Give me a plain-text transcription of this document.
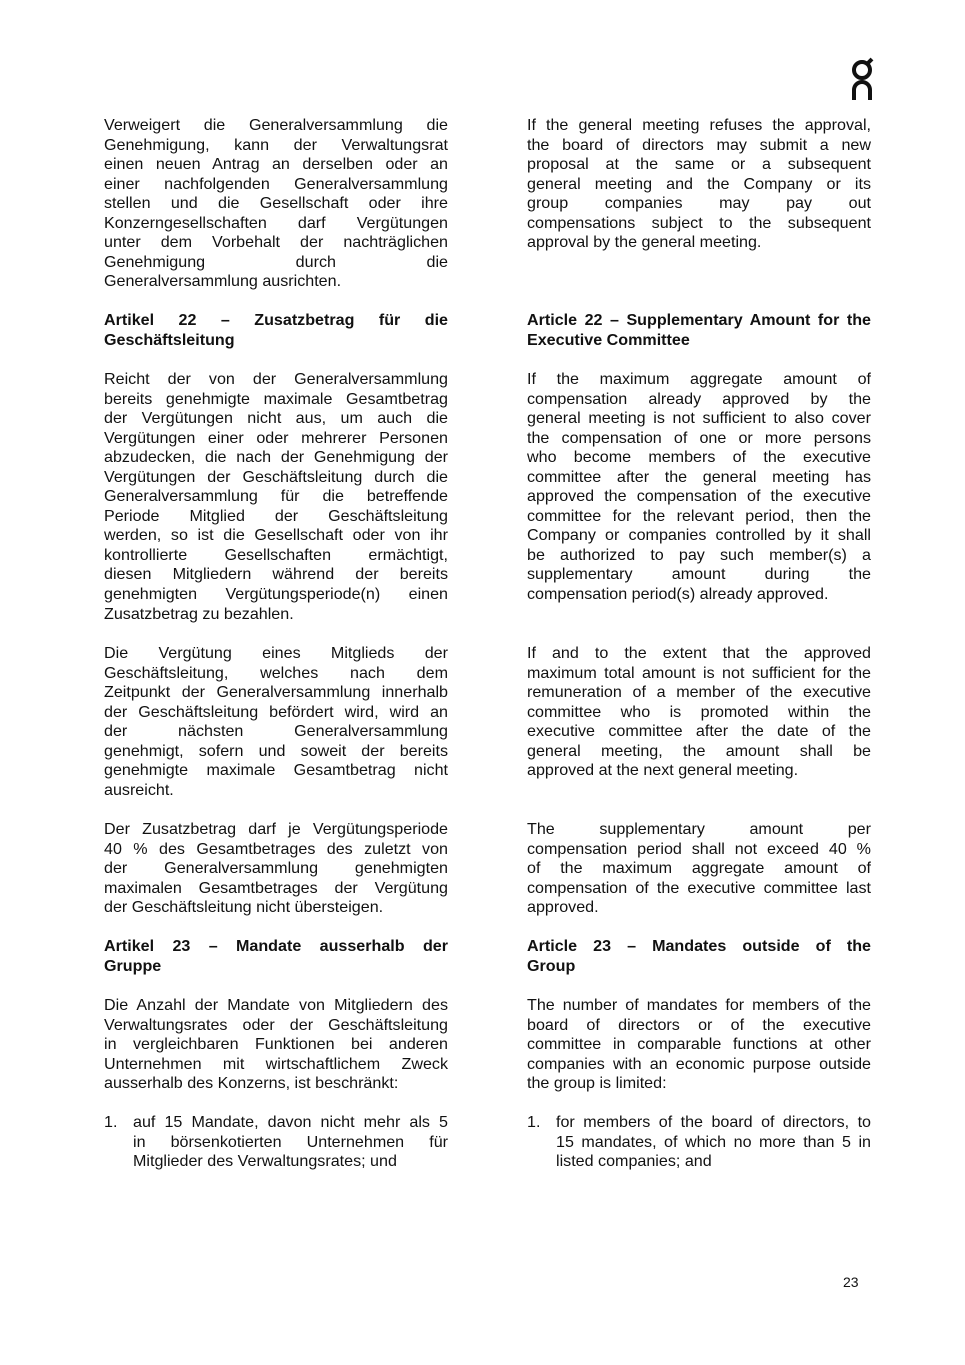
Verweigert die Generalversammlung die
Genehmigung, kann der Verwaltungsrat
einen neuen Antrag an derselben oder an
einer nachfolgenden Generalversammlung
stellen und die Gesellschaft oder ihre
Konzerngesellschaften darf Vergütungen
unter dem Vorbehalt der nachträglichen
Genehmigung durch die
Generalversammlung ausrichten.
Artikel 22 – Zusatzbetrag für die
Geschäftsleitung
Reicht der von der Generalversammlung
bereits genehmigte maximale Gesamtbetrag
der Vergütungen nicht aus, um auch die
Vergütungen einer oder mehrerer Personen
abzudecken, die nach der Genehmigung der
Vergütungen der Geschäftsleitung durch die
Generalversammlung für die betreffende
Periode Mitglied der Geschäftsleitung
werden, so ist die Gesellschaft oder von ihr
kontrollierte Gesellschaften ermächtigt,
diesen Mitgliedern während der bereits
genehmigten Vergütungsperiode(n) einen
Zusatzbetrag zu bezahlen.
Die Vergütung eines Mitglieds der
Geschäftsleitung, welches nach dem
Zeitpunkt der Generalversammlung innerhalb
der Geschäftsleitung befördert wird, wird an
der nächsten Generalversammlung
genehmigt, sofern und soweit der bereits
genehmigte maximale Gesamtbetrag nicht
ausreicht.
Der Zusatzbetrag darf je Vergütungsperiode
40 % des Gesamtbetrages des zuletzt von
der Generalversammlung genehmigten
maximalen Gesamtbetrages der Vergütung
der Geschäftsleitung nicht übersteigen.
Artikel 23 – Mandate ausserhalb der
Gruppe
Die Anzahl der Mandate von Mitgliedern des
Verwaltungsrates oder der Geschäftsleitung
in vergleichbaren Funktionen bei anderen
Unternehmen mit wirtschaftlichem Zweck
ausserhalb des Konzerns, ist beschränkt:
1. auf 15 Mandate, davon nicht mehr als 5
in börsenkotierten Unternehmen für
Mitglieder des Verwaltungsrates; und
If the general meeting refuses the approval,
the board of directors may submit a new
proposal at the same or a subsequent
general meeting and the Company or its
group companies may pay out
compensations subject to the subsequent
approval by the general meeting.
Article 22 – Supplementary Amount for the
Executive Committee
If the maximum aggregate amount of
compensation already approved by the
general meeting is not sufficient to also cover
the compensation of one or more persons
who become members of the executive
committee after the general meeting has
approved the compensation of the executive
committee for the relevant period, then the
Company or companies controlled by it shall
be authorized to pay such member(s) a
supplementary amount during the
compensation period(s) already approved.
If and to the extent that the approved
maximum total amount is not sufficient for the
remuneration of a member of the executive
committee who is promoted within the
executive committee after the date of the
general meeting, the amount shall be
approved at the next general meeting.
The supplementary amount per
compensation period shall not exceed 40 %
of the maximum aggregate amount of
compensation of the executive committee last
approved.
Article 23 – Mandates outside of the
Group
The number of mandates for members of the
board of directors or of the executive
committee in comparable functions at other
companies with an economic purpose outside
the group is limited:
1. for members of the board of directors, to
15 mandates, of which no more than 5 in
listed companies; and
23
